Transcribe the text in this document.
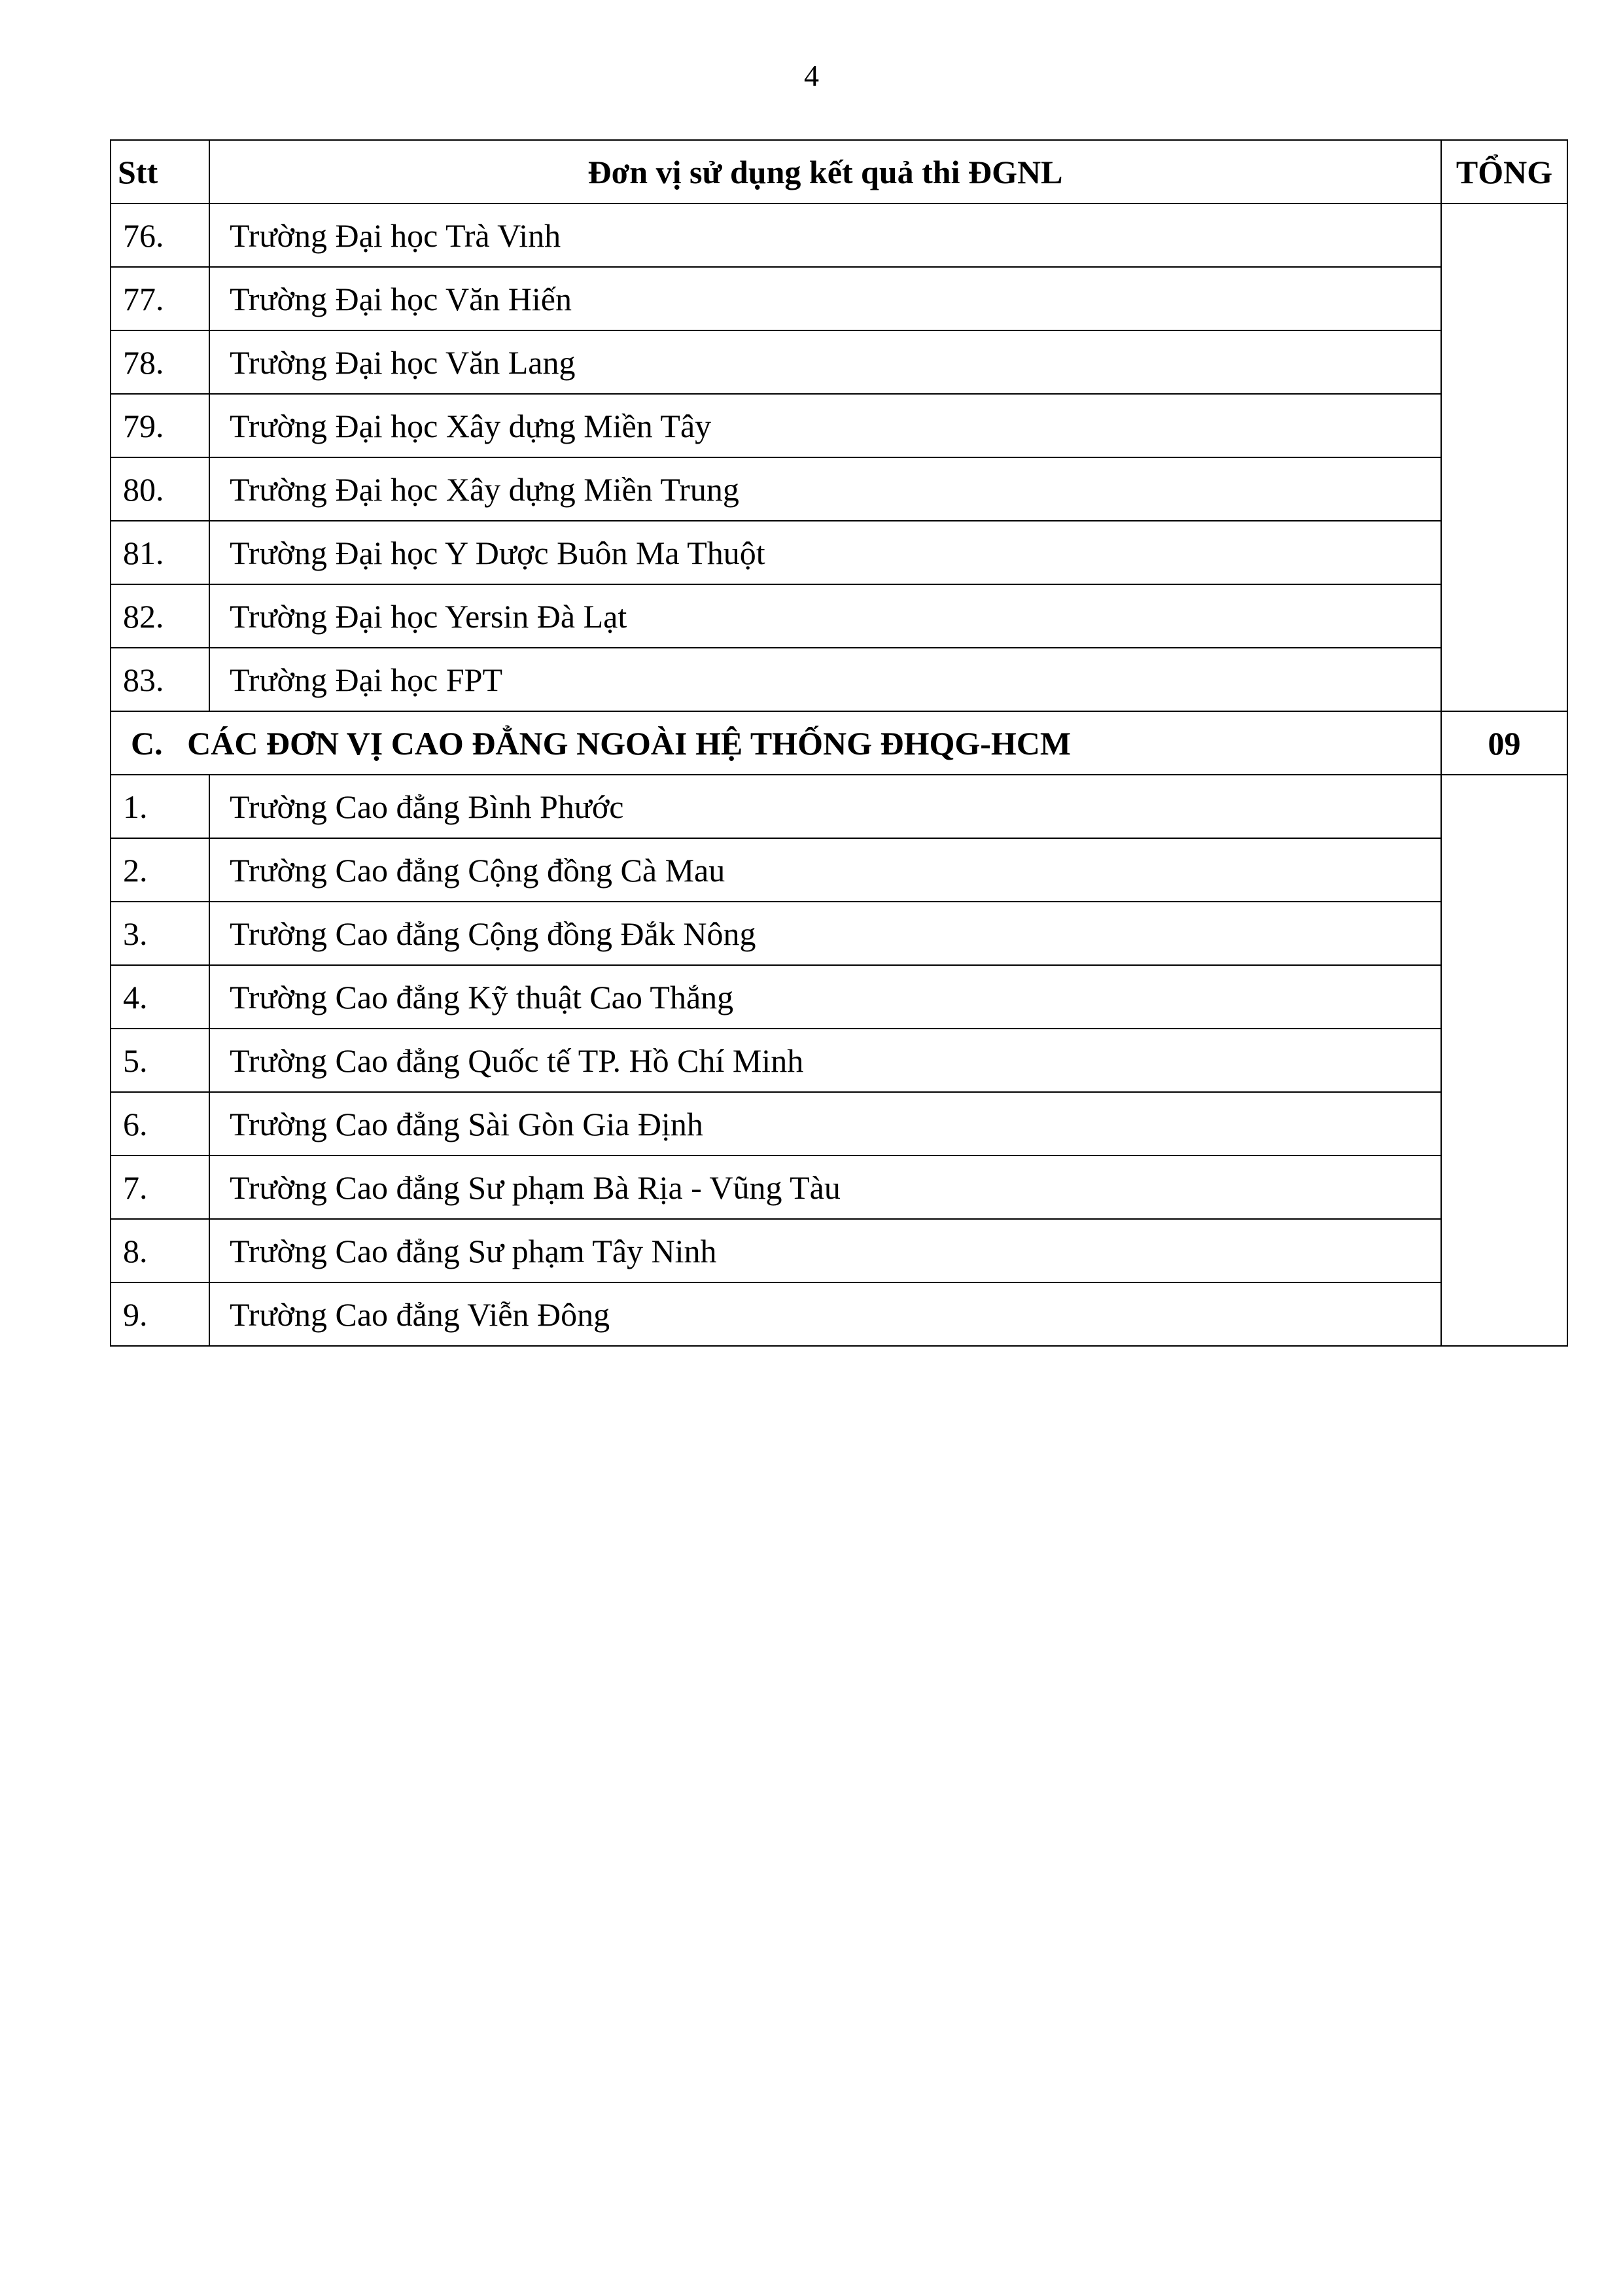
4
Stt	Đơn vị sử dụng kết quả thi ĐGNL	TỔNG
76.	Trường Đại học Trà Vinh	
77.	Trường Đại học Văn Hiến	
78.	Trường Đại học Văn Lang	
79.	Trường Đại học Xây dựng Miền Tây	
80.	Trường Đại học Xây dựng Miền Trung	
81.	Trường Đại học Y Dược Buôn Ma Thuột	
82.	Trường Đại học Yersin Đà Lạt	
83.	Trường Đại học FPT	
C.   CÁC ĐƠN VỊ CAO ĐẲNG NGOÀI HỆ THỐNG ĐHQG-HCM		09
1.	Trường Cao đẳng Bình Phước	
2.	Trường Cao đẳng Cộng đồng Cà Mau	
3.	Trường Cao đẳng Cộng đồng Đắk Nông	
4.	Trường Cao đẳng Kỹ thuật Cao Thắng	
5.	Trường Cao đẳng Quốc tế TP. Hồ Chí Minh	
6.	Trường Cao đẳng Sài Gòn Gia Định	
7.	Trường Cao đẳng Sư phạm Bà Rịa - Vũng Tàu	
8.	Trường Cao đẳng Sư phạm Tây Ninh	
9.	Trường Cao đẳng Viễn Đông	
